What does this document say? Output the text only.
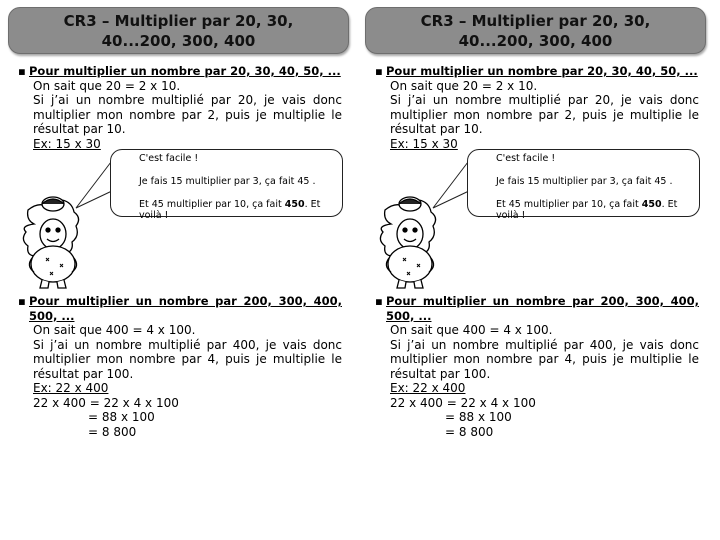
CR3 – Multiplier par 20, 30, 40...200, 300, 400
▪ Pour multiplier un nombre par 20, 30, 40, 50, ...
On sait que 20 = 2 x 10.
Si j’ai un nombre multiplié par 20, je vais donc multiplier mon nombre par 2, puis je multiplie le résultat par 10.
Ex: 15 x 30

C'est facile !

Je fais 15 multiplier par 3, ça fait 45 .

Et 45 multiplier par 10, ça fait 450. Et voilà !

▪ Pour multiplier un nombre par 200, 300, 400, 500, ...
On sait que 400 = 4 x 100.
Si j’ai un nombre multiplié par 400, je vais donc multiplier mon nombre par 4, puis je multiplie le résultat par 100.
Ex: 22 x 400
22 x 400 = 22 x 4 x 100
= 88 x 100
= 8 800
CR3 – Multiplier par 20, 30, 40...200, 300, 400
▪ Pour multiplier un nombre par 20, 30, 40, 50, ...
On sait que 20 = 2 x 10.
Si j’ai un nombre multiplié par 20, je vais donc multiplier mon nombre par 2, puis je multiplie le résultat par 10.
Ex: 15 x 30

C'est facile !

Je fais 15 multiplier par 3, ça fait 45 .

Et 45 multiplier par 10, ça fait 450. Et voilà !

▪ Pour multiplier un nombre par 200, 300, 400, 500, ...
On sait que 400 = 4 x 100.
Si j’ai un nombre multiplié par 400, je vais donc multiplier mon nombre par 4, puis je multiplie le résultat par 100.
Ex: 22 x 400
22 x 400 = 22 x 4 x 100
= 88 x 100
= 8 800
